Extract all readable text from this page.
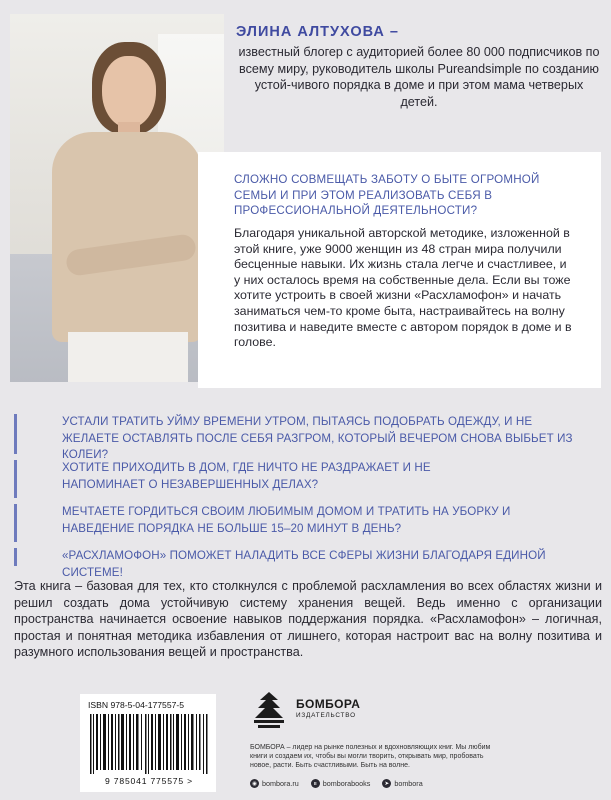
ЭЛИНА АЛТУХОВА –
известный блогер с аудиторией более 80 000 подписчиков по всему миру, руководитель школы Pureandsimple по созданию устой-чивого порядка в доме и при этом мама четверых детей.
СЛОЖНО СОВМЕЩАТЬ ЗАБОТУ О БЫТЕ ОГРОМНОЙ СЕМЬИ И ПРИ ЭТОМ РЕАЛИЗОВАТЬ СЕБЯ В ПРОФЕССИОНАЛЬНОЙ ДЕЯТЕЛЬНОСТИ?
Благодаря уникальной авторской методике, изложенной в этой книге, уже 9000 женщин из 48 стран мира получили бесценные навыки. Их жизнь стала легче и счастливее, и у них осталось время на собственные дела. Если вы тоже хотите устроить в своей жизни «Расхламофон» и начать заниматься чем-то кроме быта, настраивайтесь на волну позитива и наведите вместе с автором порядок в доме и в голове.
УСТАЛИ ТРАТИТЬ УЙМУ ВРЕМЕНИ УТРОМ, ПЫТАЯСЬ ПОДОБРАТЬ ОДЕЖДУ, И НЕ ЖЕЛАЕТЕ ОСТАВЛЯТЬ ПОСЛЕ СЕБЯ РАЗГРОМ, КОТОРЫЙ ВЕЧЕРОМ СНОВА ВЫБЬЕТ ИЗ КОЛЕИ?
ХОТИТЕ ПРИХОДИТЬ В ДОМ, ГДЕ НИЧТО НЕ РАЗДРАЖАЕТ И НЕ НАПОМИНАЕТ О НЕЗАВЕРШЕННЫХ ДЕЛАХ?
МЕЧТАЕТЕ ГОРДИТЬСЯ СВОИМ ЛЮБИМЫМ ДОМОМ И ТРАТИТЬ НА УБОРКУ И НАВЕДЕНИЕ ПОРЯДКА НЕ БОЛЬШЕ 15–20 МИНУТ В ДЕНЬ?
«РАСХЛАМОФОН» ПОМОЖЕТ НАЛАДИТЬ ВСЕ СФЕРЫ ЖИЗНИ БЛАГОДАРЯ ЕДИНОЙ СИСТЕМЕ!
Эта книга – базовая для тех, кто столкнулся с проблемой расхламления во всех областях жизни и решил создать дома устойчивую систему хранения вещей. Ведь именно с организации пространства начинается освоение навыков поддержания порядка. «Расхламофон» – логичная, простая и понятная методика избавления от лишнего, которая настроит вас на волну позитива и разумного использования вещей и пространства.
ISBN 978-5-04-177557-5
9 785041 775575 >
БОМБОРА
ИЗДАТЕЛЬСТВО
БОМБОРА – лидер на рынке полезных и вдохновляющих книг. Мы любим книги и создаем их, чтобы вы могли творить, открывать мир, пробовать новое, расти. Быть счастливыми. Быть на волне.
◉ bombora.ru	в bomborabooks	➤ bombora
